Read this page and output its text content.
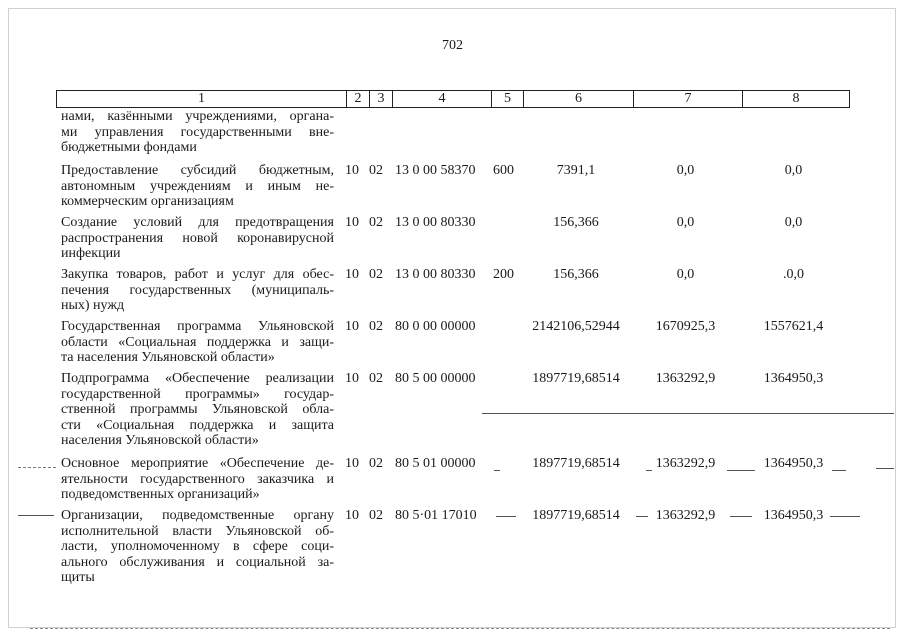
702
1	2	3	4	5	6	7	8
нами, казёнными учреждениями, органа-
ми управления государственными вне-
бюджетными фондами
Предоставление субсидий бюджетным,
автономным учреждениям и иным не-
коммерческим организациям
10 02 13 0 00 58370 600	7391,1	0,0	0,0
Создание условий для предотвращения
распространения новой коронавирусной
инфекции
10 02 13 0 00 80330	156,366	0,0	0,0
Закупка товаров, работ и услуг для обес-
печения государственных (муниципаль-
ных) нужд
10 02 13 0 00 80330 200	156,366	0,0	.0,0
Государственная программа Ульяновской
области «Социальная поддержка и защи-
та населения Ульяновской области»
10 02 80 0 00 00000	2142106,52944	1670925,3	1557621,4
Подпрограмма «Обеспечение реализации
государственной программы» государ-
ственной программы Ульяновской обла-
сти «Социальная поддержка и защита
населения Ульяновской области»
10 02 80 5 00 00000	1897719,68514	1363292,9	1364950,3
Основное мероприятие «Обеспечение де-
ятельности государственного заказчика и
подведомственных организаций»
10 02 80 5 01 00000	1897719,68514	1363292,9	1364950,3
Организации, подведомственные органу
исполнительной власти Ульяновской об-
ласти, уполномоченному в сфере соци-
ального обслуживания и социальной за-
щиты
10 02 80 5·01 17010	1897719,68514	1363292,9	1364950,3
